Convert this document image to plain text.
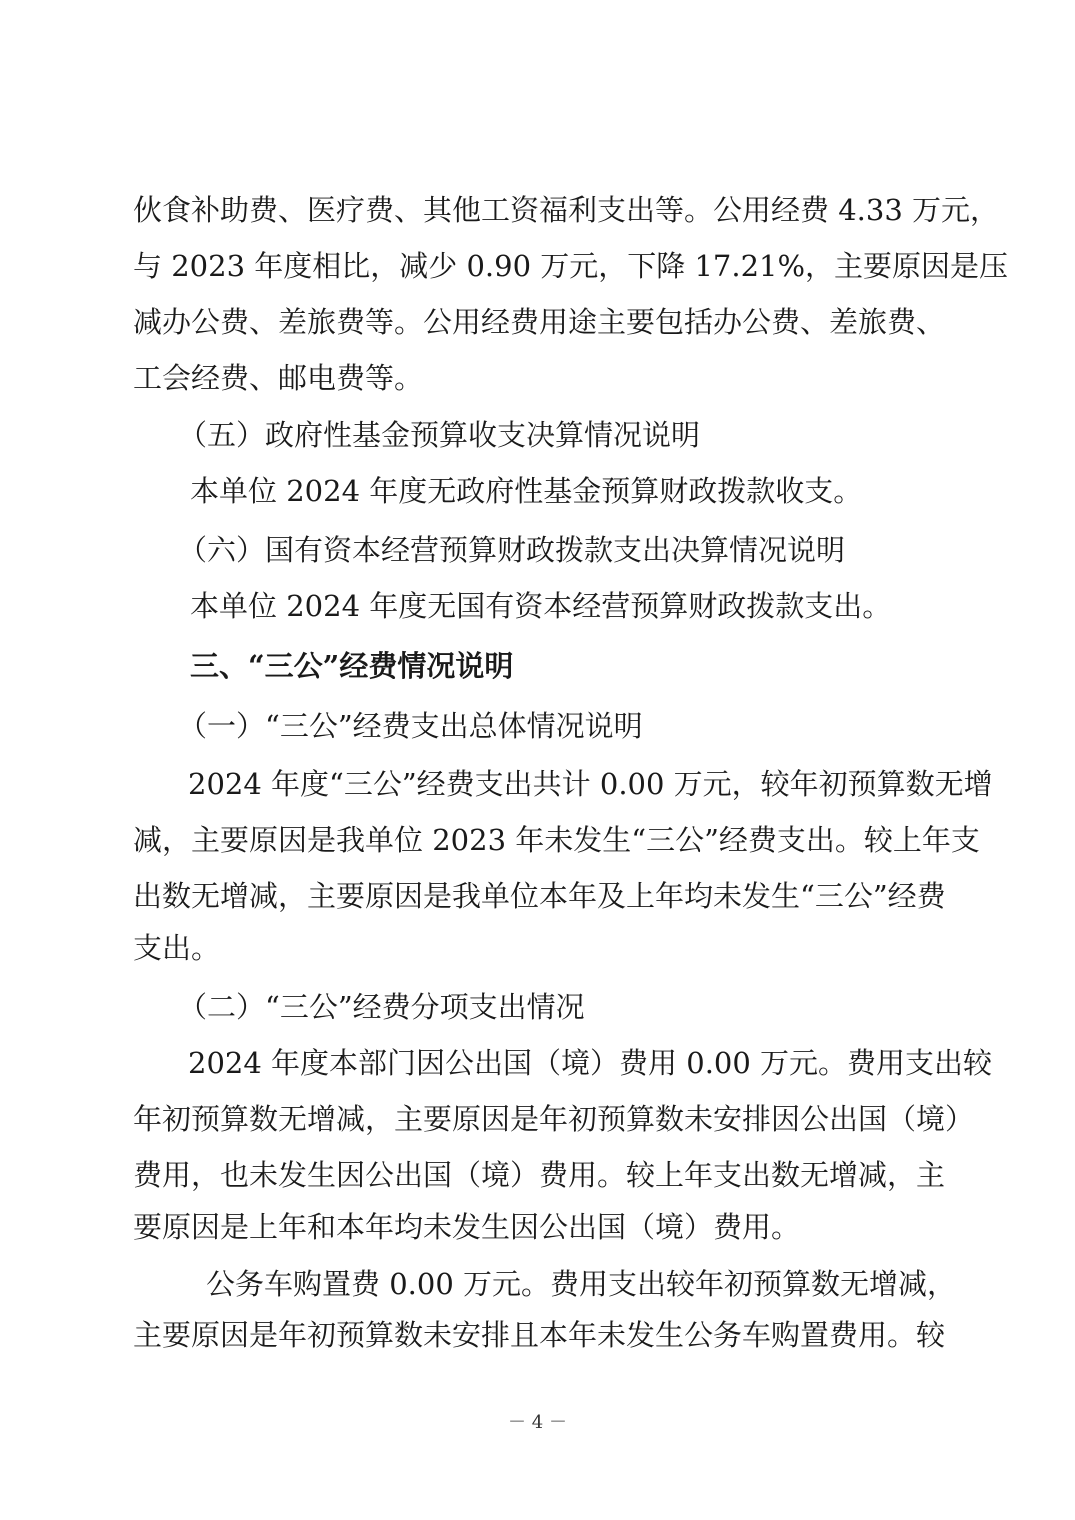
伙食补助费、医疗费、其他工资福利支出等。公用经费 4.33 万元，
与 2023 年度相比，减少 0.90 万元，下降 17.21%，主要原因是压
减办公费、差旅费等。公用经费用途主要包括办公费、差旅费、
工会经费、邮电费等。
（五）政府性基金预算收支决算情况说明
本单位 2024 年度无政府性基金预算财政拨款收支。
（六）国有资本经营预算财政拨款支出决算情况说明
本单位 2024 年度无国有资本经营预算财政拨款支出。
三、“三公”经费情况说明
（一）“三公”经费支出总体情况说明
2024 年度“三公”经费支出共计 0.00 万元，较年初预算数无增
减，主要原因是我单位 2023 年未发生“三公”经费支出。较上年支
出数无增减，主要原因是我单位本年及上年均未发生“三公”经费
支出。
（二）“三公”经费分项支出情况
2024 年度本部门因公出国（境）费用 0.00 万元。费用支出较
年初预算数无增减，主要原因是年初预算数未安排因公出国（境）
费用，也未发生因公出国（境）费用。较上年支出数无增减，主
要原因是上年和本年均未发生因公出国（境）费用。
公务车购置费 0.00 万元。费用支出较年初预算数无增减，
主要原因是年初预算数未安排且本年未发生公务车购置费用。较
－ 4 －
